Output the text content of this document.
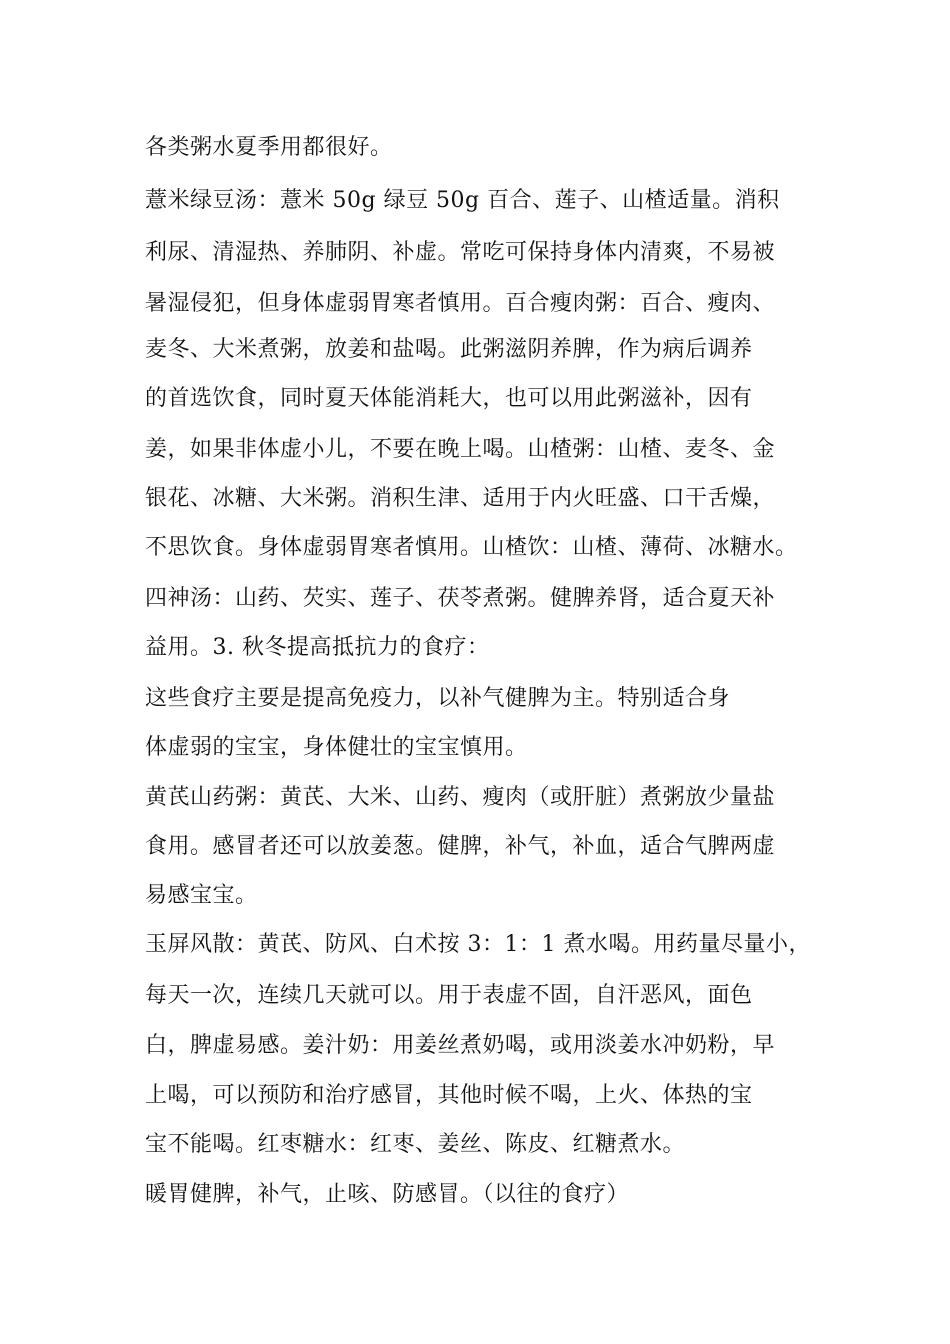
各类粥水夏季用都很好。
薏米绿豆汤：薏米 50g 绿豆 50g 百合、莲子、山楂适量。消积
利尿、清湿热、养肺阴、补虚。常吃可保持身体内清爽，不易被
暑湿侵犯，但身体虚弱胃寒者慎用。百合瘦肉粥：百合、瘦肉、
麦冬、大米煮粥，放姜和盐喝。此粥滋阴养脾，作为病后调养
的首选饮食，同时夏天体能消耗大，也可以用此粥滋补，因有
姜，如果非体虚小儿，不要在晚上喝。山楂粥：山楂、麦冬、金
银花、冰糖、大米粥。消积生津、适用于内火旺盛、口干舌燥，
不思饮食。身体虚弱胃寒者慎用。山楂饮：山楂、薄荷、冰糖水。
四神汤：山药、芡实、莲子、茯苓煮粥。健脾养肾，适合夏天补
益用。3. 秋冬提高抵抗力的食疗：
这些食疗主要是提高免疫力，以补气健脾为主。特别适合身
体虚弱的宝宝，身体健壮的宝宝慎用。
黄芪山药粥：黄芪、大米、山药、瘦肉（或肝脏）煮粥放少量盐
食用。感冒者还可以放姜葱。健脾，补气，补血，适合气脾两虚
易感宝宝。
玉屏风散：黄芪、防风、白术按 3：1：1 煮水喝。用药量尽量小，
每天一次，连续几天就可以。用于表虚不固，自汗恶风，面色
白，脾虚易感。姜汁奶：用姜丝煮奶喝，或用淡姜水冲奶粉，早
上喝，可以预防和治疗感冒，其他时候不喝，上火、体热的宝
宝不能喝。红枣糖水：红枣、姜丝、陈皮、红糖煮水。
暖胃健脾，补气，止咳、防感冒。（以往的食疗）
